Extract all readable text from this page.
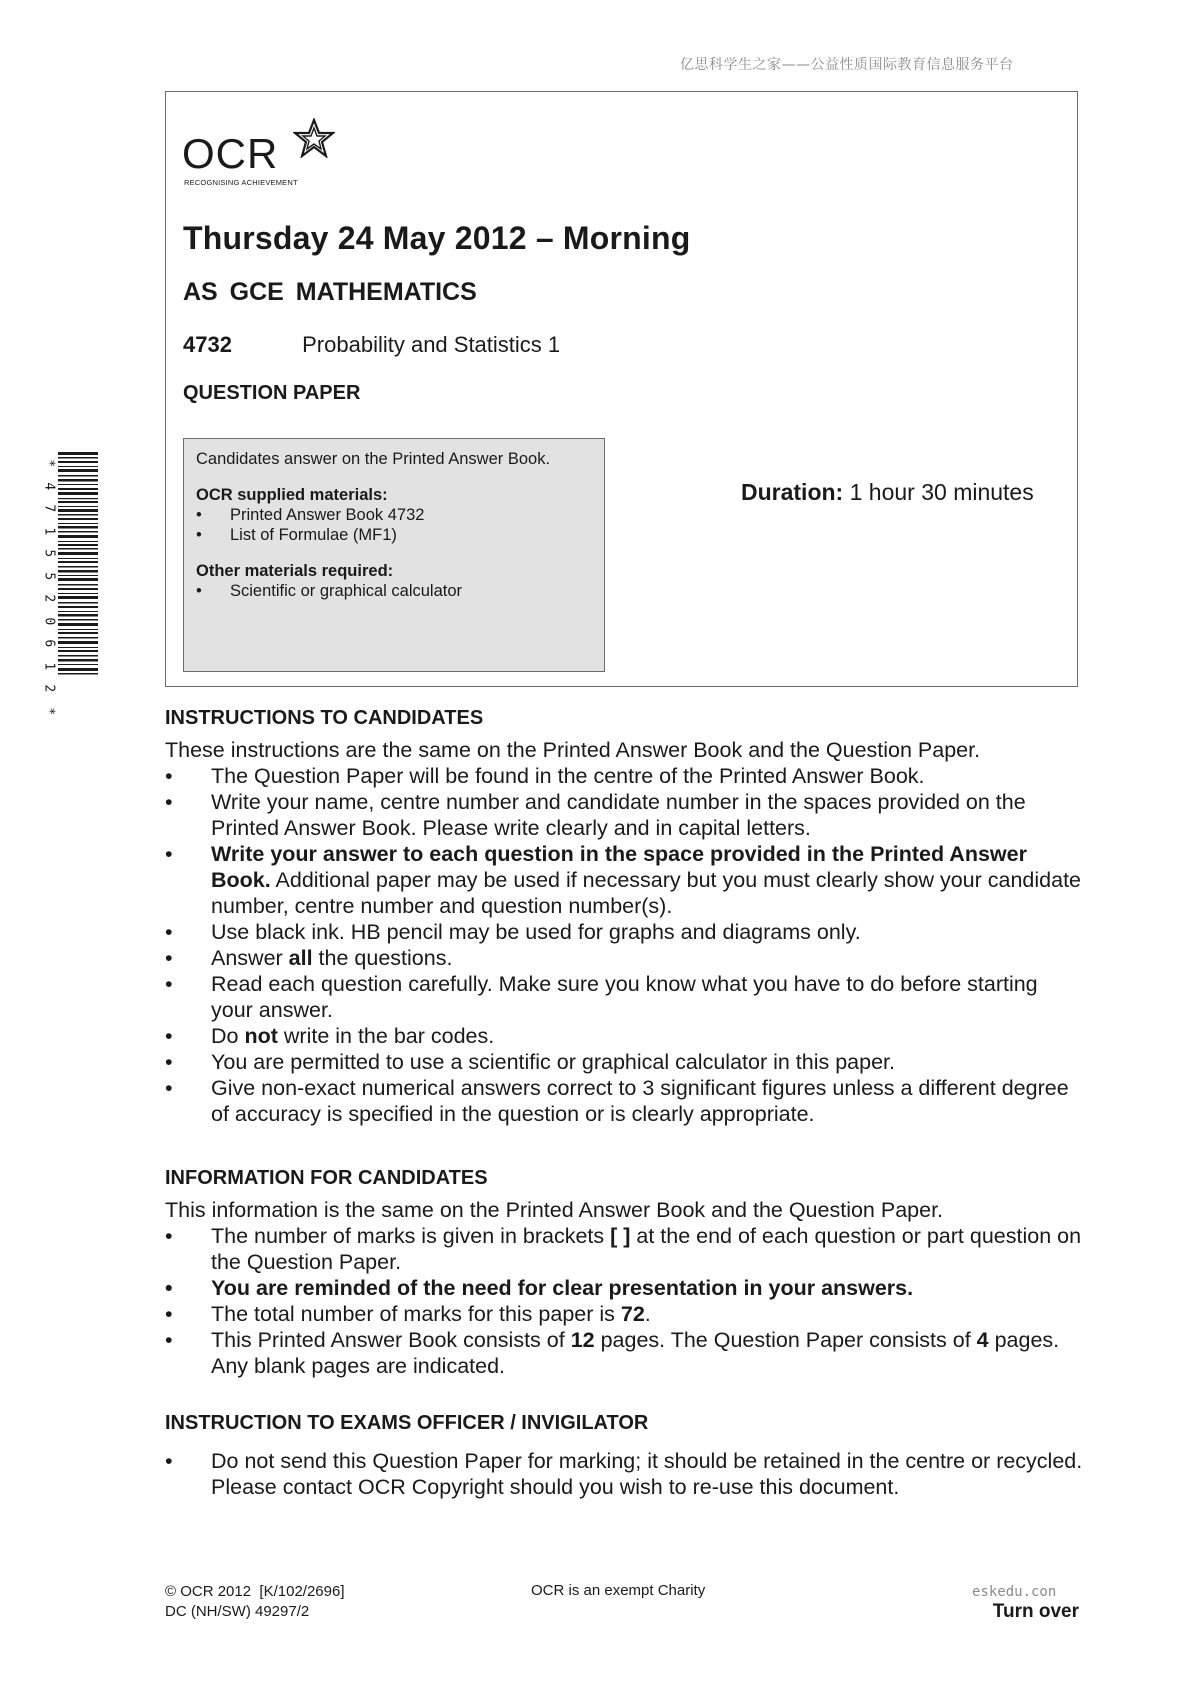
亿思科学生之家——公益性质国际教育信息服务平台
OCR
RECOGNISING ACHIEVEMENT
Thursday 24 May 2012 – Morning
AS GCE MATHEMATICS
4732	Probability and Statistics 1
QUESTION PAPER

Candidates answer on the Printed Answer Book.

OCR supplied materials:

• Printed Answer Book 4732

• List of Formulae (MF1)

Other materials required:

• Scientific or graphical calculator

Duration: 1 hour 30 minutes
*
4
7
1
5
5
2
0
6
1
2
*	INSTRUCTIONS TO CANDIDATES

These instructions are the same on the Printed Answer Book and the Question Paper.

• The Question Paper will be found in the centre of the Printed Answer Book.
• Write your name, centre number and candidate number in the spaces provided on the Printed Answer Book. Please write clearly and in capital letters.
• Write your answer to each question in the space provided in the Printed Answer Book. Additional paper may be used if necessary but you must clearly show your candidate number, centre number and question number(s).
• Use black ink. HB pencil may be used for graphs and diagrams only.
• Answer all the questions.
• Read each question carefully. Make sure you know what you have to do before starting your answer.
• Do not write in the bar codes.
• You are permitted to use a scientific or graphical calculator in this paper.
• Give non-exact numerical answers correct to 3 significant figures unless a different degree of accuracy is specified in the question or is clearly appropriate.
INFORMATION FOR CANDIDATES

This information is the same on the Printed Answer Book and the Question Paper.

• The number of marks is given in brackets [ ] at the end of each question or part question on the Question Paper.
• You are reminded of the need for clear presentation in your answers.
• The total number of marks for this paper is 72.
• This Printed Answer Book consists of 12 pages. The Question Paper consists of 4 pages. Any blank pages are indicated.
INSTRUCTION TO EXAMS OFFICER / INVIGILATOR
• Do not send this Question Paper for marking; it should be retained in the centre or recycled. Please contact OCR Copyright should you wish to re-use this document.
© OCR 2012  [K/102/2696]
DC (NH/SW) 49297/2
OCR is an exempt Charity	eskedu.con
Turn over
